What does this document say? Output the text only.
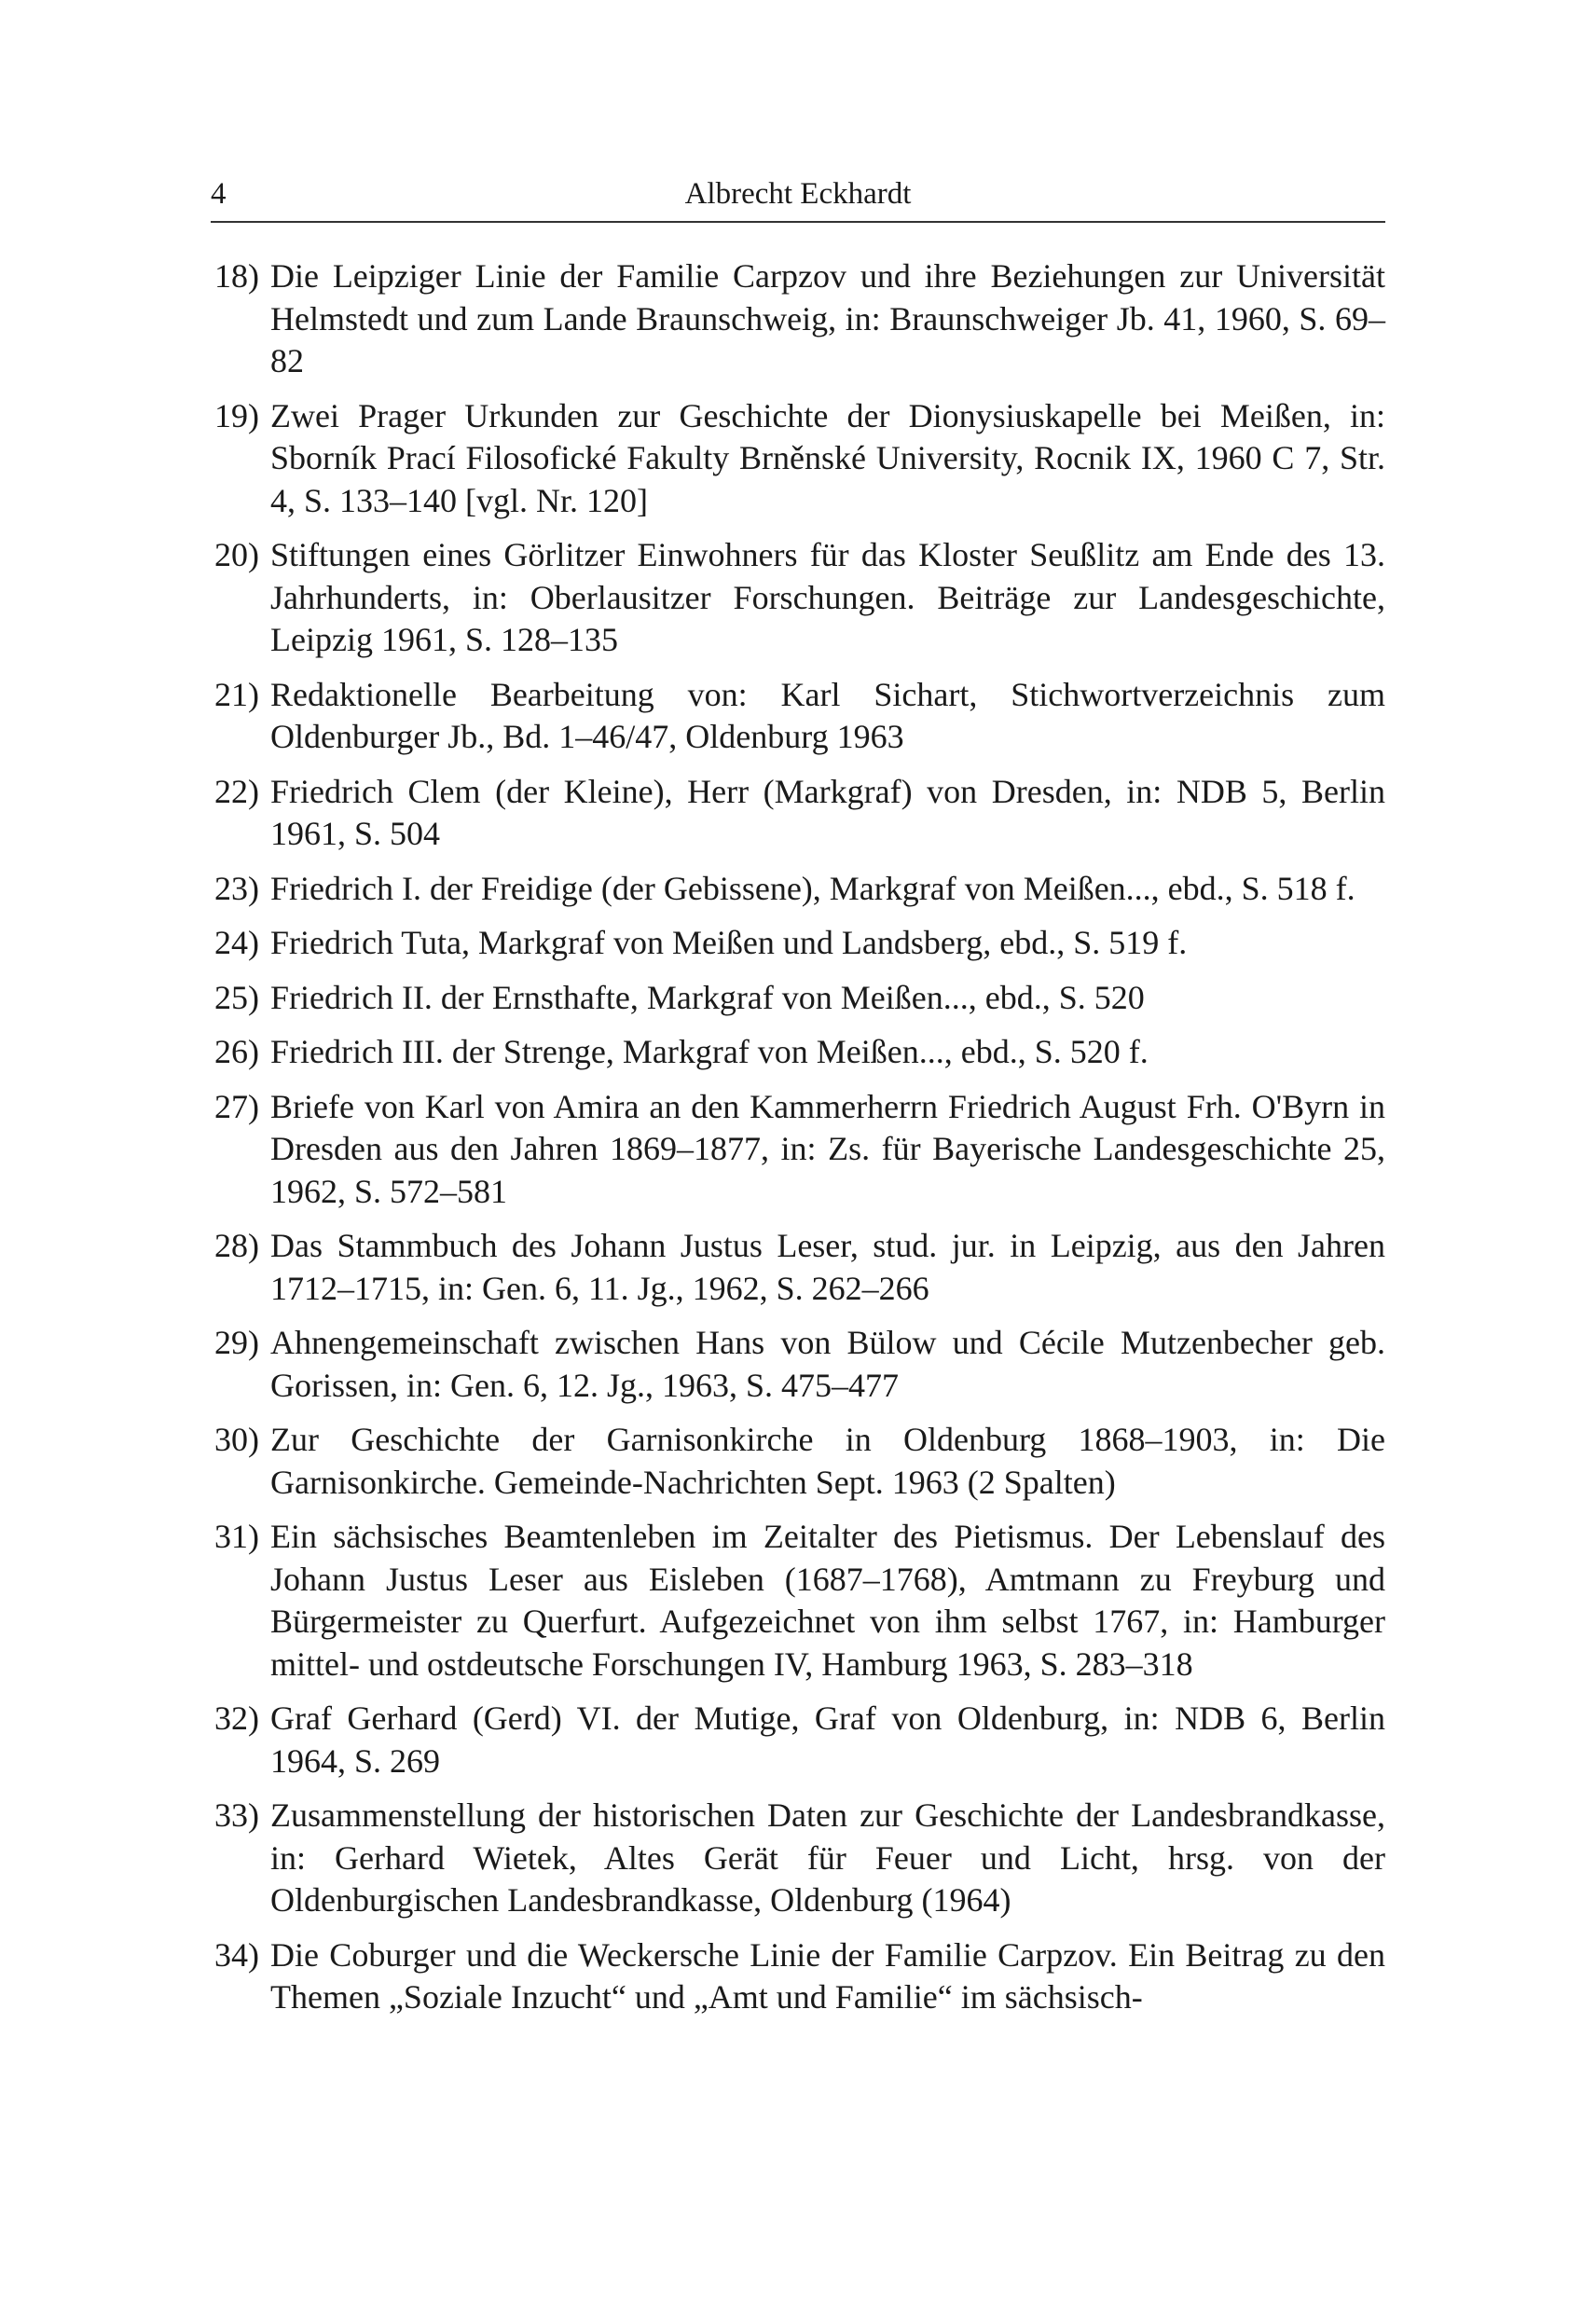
4	Albrecht Eckhardt
18) Die Leipziger Linie der Familie Carpzov und ihre Beziehungen zur Universität Helmstedt und zum Lande Braunschweig, in: Braunschweiger Jb. 41, 1960, S. 69–82
19) Zwei Prager Urkunden zur Geschichte der Dionysiuskapelle bei Meißen, in: Sborník Prací Filosofické Fakulty Brněnské University, Rocnik IX, 1960 C 7, Str. 4, S. 133–140 [vgl. Nr. 120]
20) Stiftungen eines Görlitzer Einwohners für das Kloster Seußlitz am Ende des 13. Jahrhunderts, in: Oberlausitzer Forschungen. Beiträge zur Landesgeschichte, Leipzig 1961, S. 128–135
21) Redaktionelle Bearbeitung von: Karl Sichart, Stichwortverzeichnis zum Oldenburger Jb., Bd. 1–46/47, Oldenburg 1963
22) Friedrich Clem (der Kleine), Herr (Markgraf) von Dresden, in: NDB 5, Berlin 1961, S. 504
23) Friedrich I. der Freidige (der Gebissene), Markgraf von Meißen..., ebd., S. 518 f.
24) Friedrich Tuta, Markgraf von Meißen und Landsberg, ebd., S. 519 f.
25) Friedrich II. der Ernsthafte, Markgraf von Meißen..., ebd., S. 520
26) Friedrich III. der Strenge, Markgraf von Meißen..., ebd., S. 520 f.
27) Briefe von Karl von Amira an den Kammerherrn Friedrich August Frh. O'Byrn in Dresden aus den Jahren 1869–1877, in: Zs. für Bayerische Landesgeschichte 25, 1962, S. 572–581
28) Das Stammbuch des Johann Justus Leser, stud. jur. in Leipzig, aus den Jahren 1712–1715, in: Gen. 6, 11. Jg., 1962, S. 262–266
29) Ahnengemeinschaft zwischen Hans von Bülow und Cécile Mutzenbecher geb. Gorissen, in: Gen. 6, 12. Jg., 1963, S. 475–477
30) Zur Geschichte der Garnisonkirche in Oldenburg 1868–1903, in: Die Garnisonkirche. Gemeinde-Nachrichten Sept. 1963 (2 Spalten)
31) Ein sächsisches Beamtenleben im Zeitalter des Pietismus. Der Lebenslauf des Johann Justus Leser aus Eisleben (1687–1768), Amtmann zu Freyburg und Bürgermeister zu Querfurt. Aufgezeichnet von ihm selbst 1767, in: Hamburger mittel- und ostdeutsche Forschungen IV, Hamburg 1963, S. 283–318
32) Graf Gerhard (Gerd) VI. der Mutige, Graf von Oldenburg, in: NDB 6, Berlin 1964, S. 269
33) Zusammenstellung der historischen Daten zur Geschichte der Landesbrandkasse, in: Gerhard Wietek, Altes Gerät für Feuer und Licht, hrsg. von der Oldenburgischen Landesbrandkasse, Oldenburg (1964)
34) Die Coburger und die Weckersche Linie der Familie Carpzov. Ein Beitrag zu den Themen „Soziale Inzucht“ und „Amt und Familie“ im sächsisch-
